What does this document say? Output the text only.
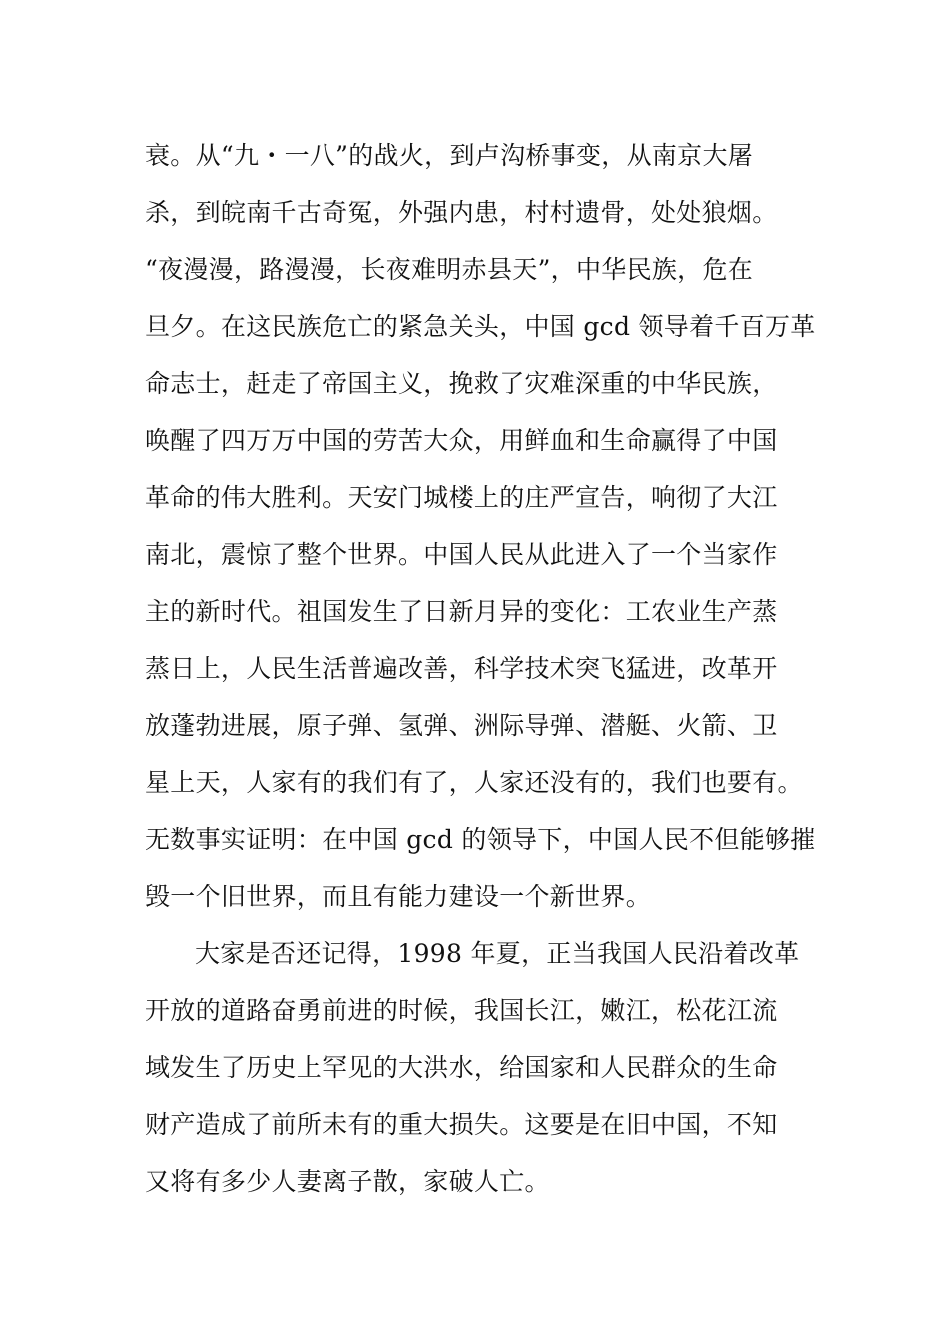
衰。从“九・一八”的战火，到卢沟桥事变，从南京大屠
杀，到皖南千古奇冤，外强内患，村村遗骨，处处狼烟。
“夜漫漫，路漫漫，长夜难明赤县天”，中华民族，危在
旦夕。在这民族危亡的紧急关头，中国 gcd 领导着千百万革
命志士，赶走了帝国主义，挽救了灾难深重的中华民族，
唤醒了四万万中国的劳苦大众，用鲜血和生命赢得了中国
革命的伟大胜利。天安门城楼上的庄严宣告，响彻了大江
南北，震惊了整个世界。中国人民从此进入了一个当家作
主的新时代。祖国发生了日新月异的变化：工农业生产蒸
蒸日上，人民生活普遍改善，科学技术突飞猛进，改革开
放蓬勃进展，原子弹、氢弹、洲际导弹、潜艇、火箭、卫
星上天，人家有的我们有了，人家还没有的，我们也要有。
无数事实证明：在中国 gcd 的领导下，中国人民不但能够摧
毁一个旧世界，而且有能力建设一个新世界。
大家是否还记得，1998 年夏，正当我国人民沿着改革
开放的道路奋勇前进的时候，我国长江，嫩江，松花江流
域发生了历史上罕见的大洪水，给国家和人民群众的生命
财产造成了前所未有的重大损失。这要是在旧中国，不知
又将有多少人妻离子散，家破人亡。
